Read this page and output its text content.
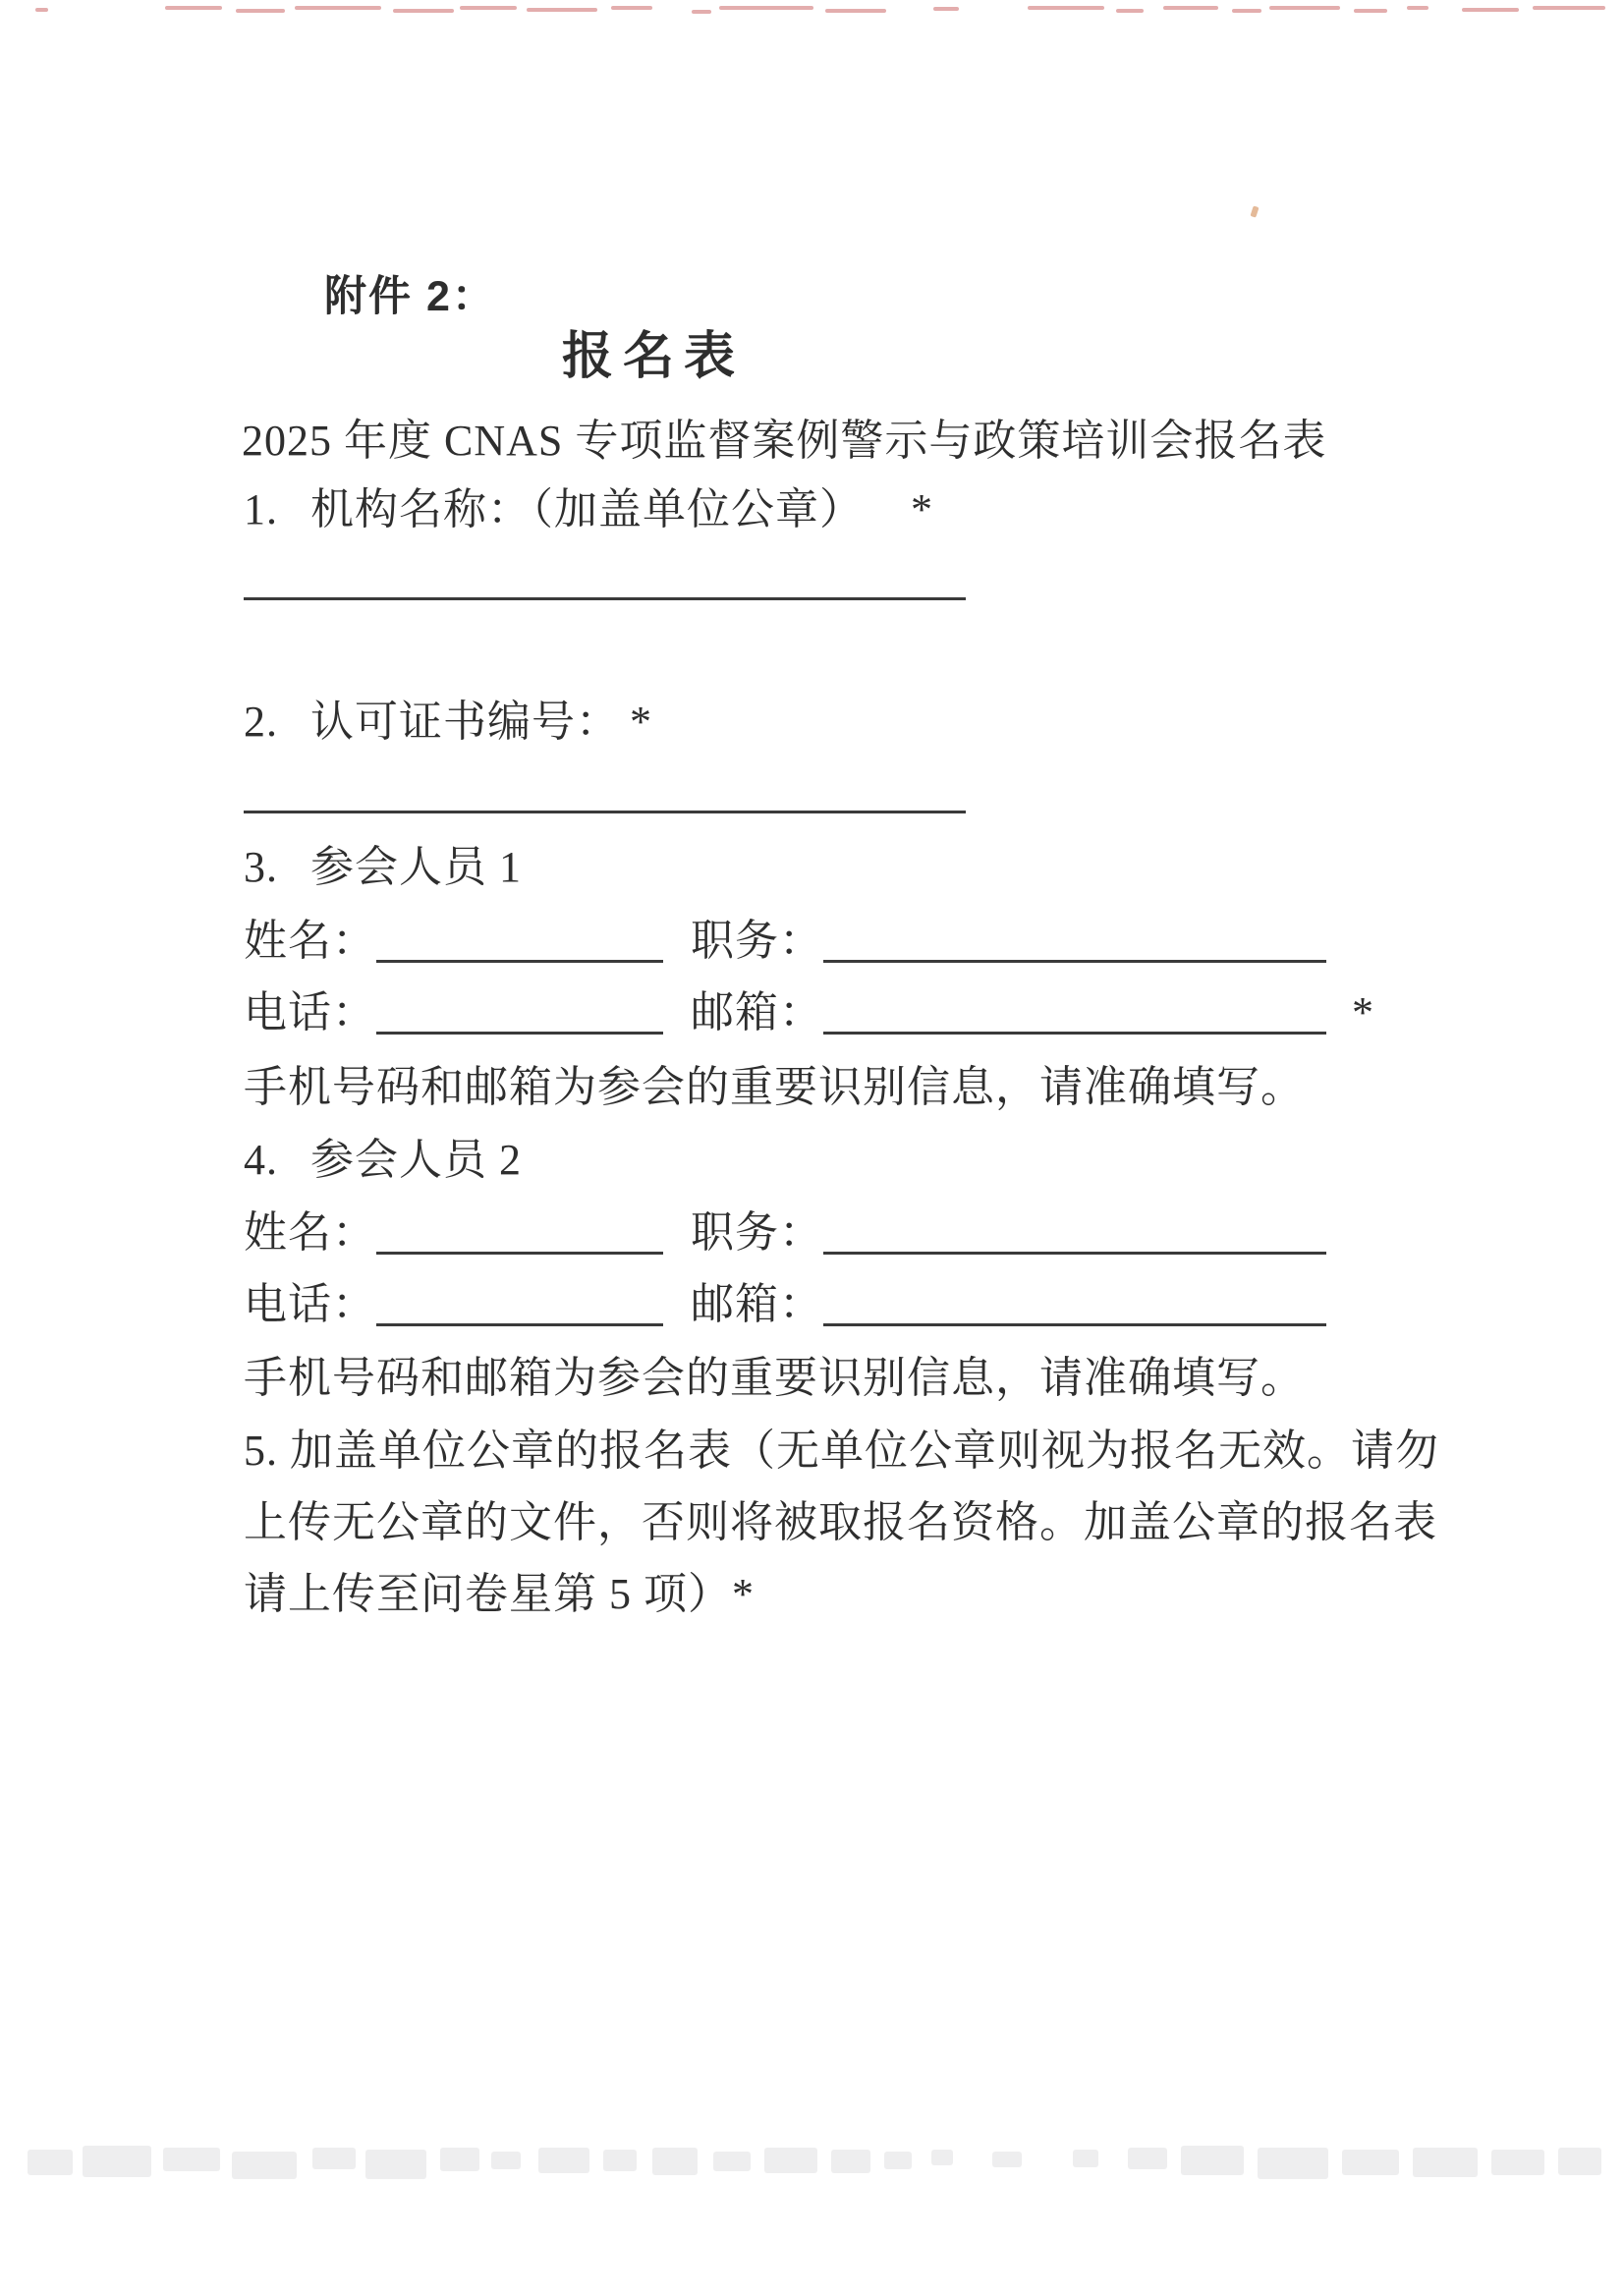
附件 2：
报名表
2025 年度 CNAS 专项监督案例警示与政策培训会报名表
1. 机构名称：（加盖单位公章） *
2. 认可证书编号： *
3. 参会人员 1
姓名：	职务：
电话：	邮箱：	*
手机号码和邮箱为参会的重要识别信息，请准确填写。
4. 参会人员 2
姓名：	职务：
电话：	邮箱：
手机号码和邮箱为参会的重要识别信息，请准确填写。
5. 加盖单位公章的报名表（无单位公章则视为报名无效。请勿
上传无公章的文件，否则将被取报名资格。加盖公章的报名表
请上传至问卷星第 5 项）*
